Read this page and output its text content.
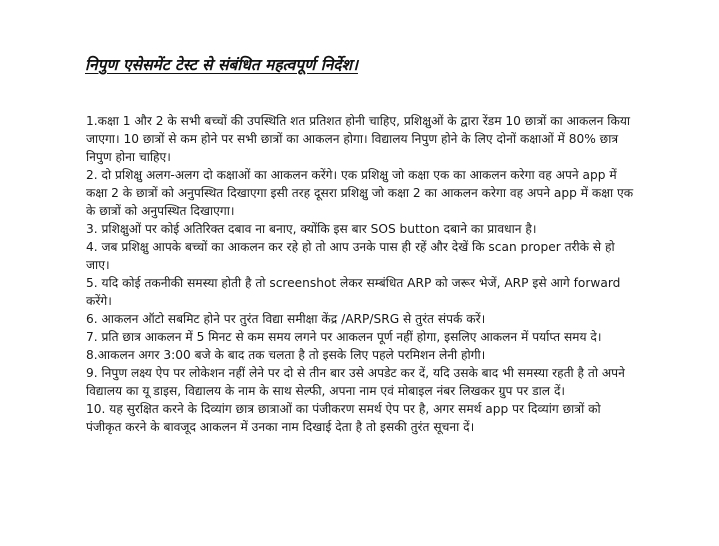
निपुण एसेसमेंट टेस्ट से संबंधित महत्वपूर्ण निर्देश।

1.कक्षा 1 और 2 के सभी बच्चों की उपस्थिति शत प्रतिशत होनी चाहिए, प्रशिक्षुओं के द्वारा रेंडम 10 छात्रों का आकलन किया जाएगा। 10 छात्रों से कम होने पर सभी छात्रों का आकलन होगा। विद्यालय निपुण होने के लिए दोनों कक्षाओं में 80% छात्र निपुण होना चाहिए।

2. दो प्रशिक्षु अलग-अलग दो कक्षाओं का आकलन करेंगे। एक प्रशिक्षु जो कक्षा एक का आकलन करेगा वह अपने app में कक्षा 2 के छात्रों को अनुपस्थित दिखाएगा इसी तरह दूसरा प्रशिक्षु जो कक्षा 2 का आकलन करेगा वह अपने app में कक्षा एक के छात्रों को अनुपस्थित दिखाएगा।

3. प्रशिक्षुओं पर कोई अतिरिक्त दबाव ना बनाए, क्योंकि इस बार SOS button दबाने का प्रावधान है।

4. जब प्रशिक्षु आपके बच्चों का आकलन कर रहे हो तो आप उनके पास ही रहें और देखें कि scan proper तरीके से हो जाए।

5. यदि कोई तकनीकी समस्या होती है तो screenshot लेकर सम्बंधित ARP को जरूर भेजें, ARP इसे आगे forward करेंगे।

6. आकलन ऑटो सबमिट होने पर तुरंत विद्या समीक्षा केंद्र /ARP/SRG से तुरंत संपर्क करें।

7. प्रति छात्र आकलन में 5 मिनट से कम समय लगने पर आकलन पूर्ण नहीं होगा, इसलिए आकलन में पर्याप्त समय दे।

8.आकलन अगर 3:00 बजे के बाद तक चलता है तो इसके लिए पहले परमिशन लेनी होगी।

9. निपुण लक्ष्य ऐप पर लोकेशन नहीं लेने पर दो से तीन बार उसे अपडेट कर दें, यदि उसके बाद भी समस्या रहती है तो अपने विद्यालय का यू डाइस, विद्यालय के नाम के साथ सेल्फी, अपना नाम एवं मोबाइल नंबर लिखकर ग्रुप पर डाल दें।

10. यह सुरक्षित करने के दिव्यांग छात्र छात्राओं का पंजीकरण समर्थ ऐप पर है, अगर समर्थ app पर दिव्यांग छात्रों को पंजीकृत करने के बावजूद आकलन में उनका नाम दिखाई देता है तो इसकी तुरंत सूचना दें।
